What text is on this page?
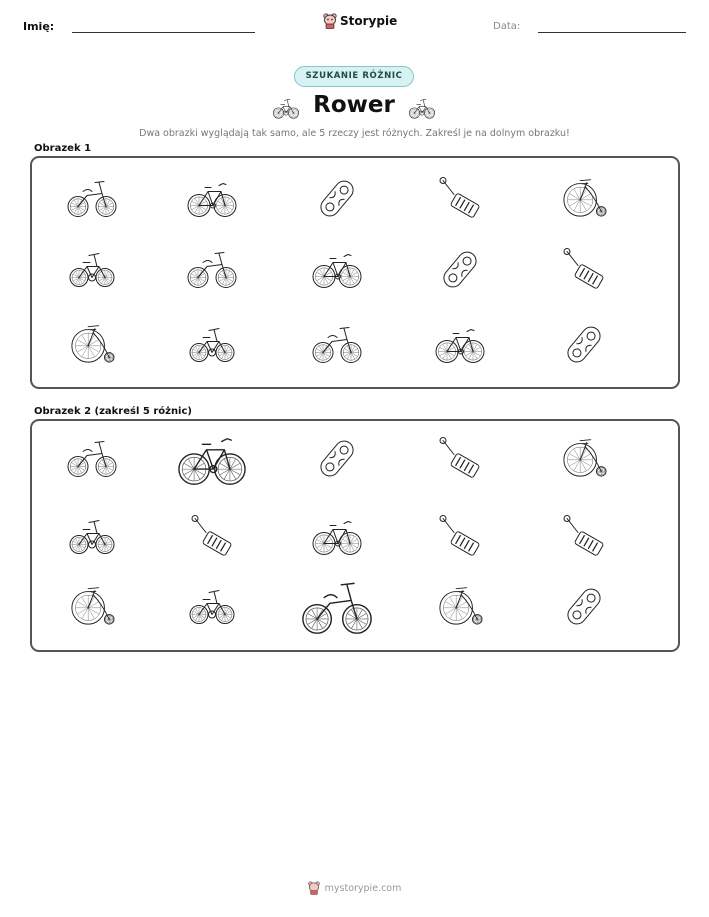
Imię:	Storypie	Data:
SZUKANIE RÓŻNIC
Rower
Dwa obrazki wyglądają tak samo, ale 5 rzeczy jest różnych. Zakreśl je na dolnym obrazku!
Obrazek 1
Obrazek 2 (zakreśl 5 różnic)
mystorypie.com
